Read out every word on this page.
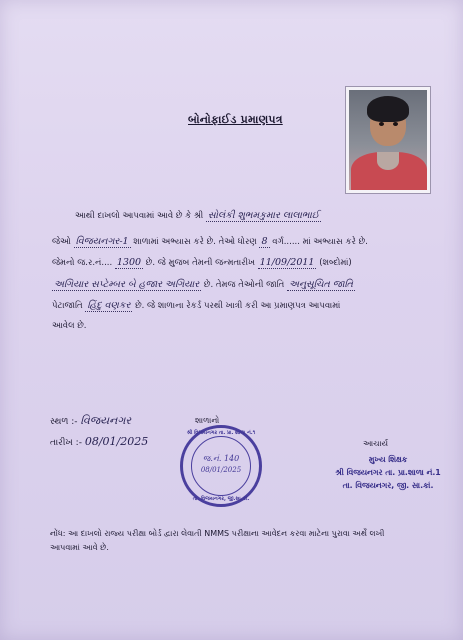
બોનોફાઈડ પ્રમાણપત્ર
આથી દાખલો આપવામાં આવે છે કે શ્રી સોલંકી શુભમકુમાર લાલાભાઈ
જેઓ વિજયનગર-1 શાળામાં અભ્યાસ કરે છે. તેઓ ધોરણ 8 વર્ગ...... માં અભ્યાસ કરે છે.
જેમનો જ.ર.નં.... 1300 છે. જે મુજબ તેમની જન્મતારીખ 11/09/2011 (શબ્દોમાં)
અગિયાર સપ્ટેમ્બર બે હજાર અગિયાર છે. તેમજ તેઓની જાતિ અનુસૂચિત જાતિ
પેટાજાતિ હિંદુ વણકર છે. જે શાળાના રેકર્ડ પરથી ખાત્રી કરી આ પ્રમાણપત્ર આપવામાં
આવેલ છે.
સ્થળ :- વિજયનગર
તારીખ :- 08/01/2025
શાળાનો
શ્રી વિજયનગર તા. પ્રા. શાળા નં.૧
જ.નં. 140
08/01/2025
તા. વિજયનગર, જી.સા.કાં.
આચાર્ય
મુખ્ય શિક્ષક
શ્રી વિજયનગર તા. પ્રા.શાળા નં.1
તા. વિજયનગર, જી. સા.કાં.
નોંધ: આ દાખલો રાજ્ય પરીક્ષા બોર્ડ દ્વારા લેવાતી NMMS પરીક્ષાના આવેદન કરવા માટેના પુરાવા અર્થે લખી આપવામાં આવે છે.
